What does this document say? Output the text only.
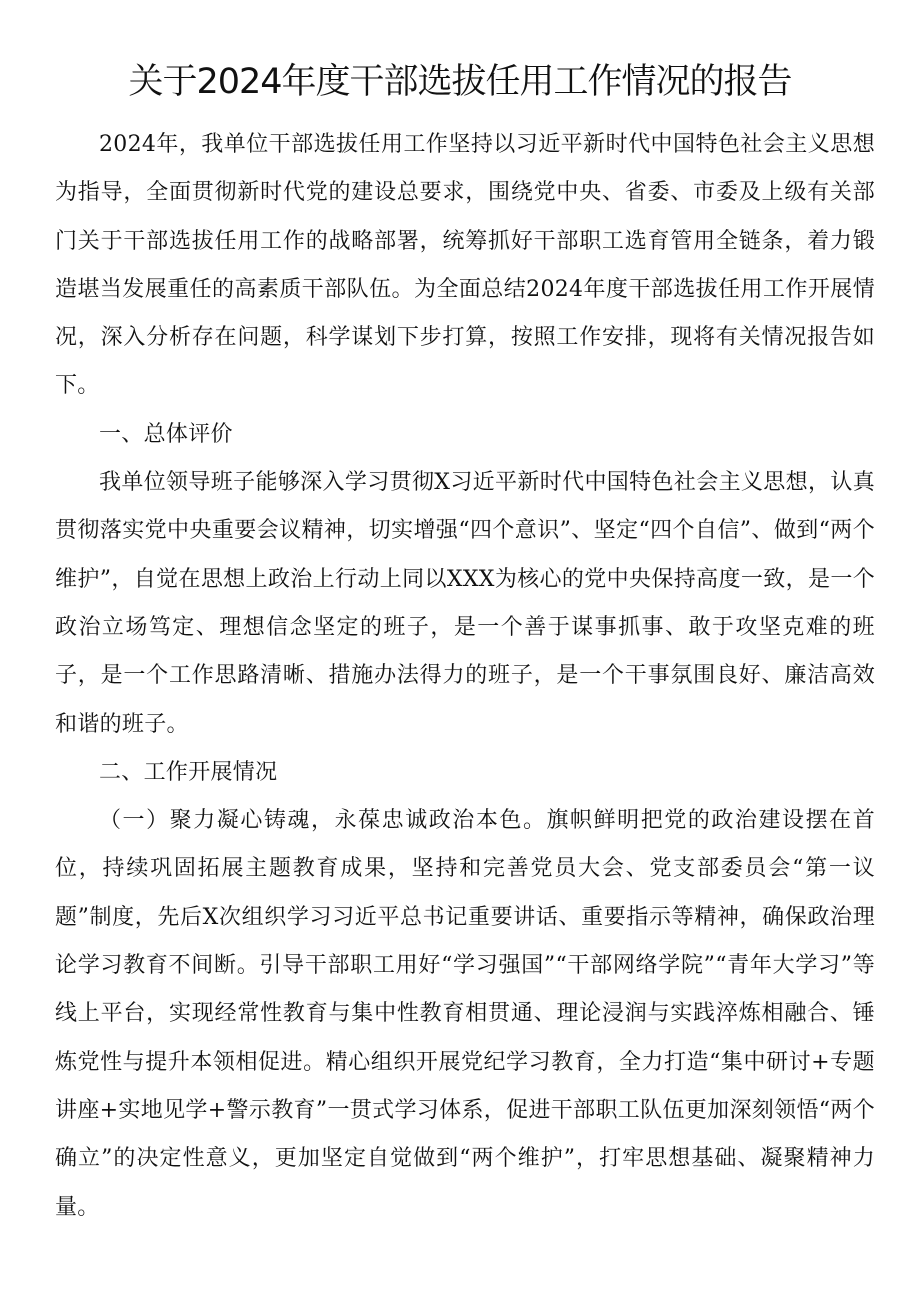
关于2024年度干部选拔任用工作情况的报告

2024年，我单位干部选拔任用工作坚持以习近平新时代中国特色社会主义思想为指导，全面贯彻新时代党的建设总要求，围绕党中央、省委、市委及上级有关部门关于干部选拔任用工作的战略部署，统筹抓好干部职工选育管用全链条，着力锻造堪当发展重任的高素质干部队伍。为全面总结2024年度干部选拔任用工作开展情况，深入分析存在问题，科学谋划下步打算，按照工作安排，现将有关情况报告如下。

一、总体评价

我单位领导班子能够深入学习贯彻X习近平新时代中国特色社会主义思想，认真贯彻落实党中央重要会议精神，切实增强“四个意识”、坚定“四个自信”、做到“两个维护”，自觉在思想上政治上行动上同以XXX为核心的党中央保持高度一致，是一个政治立场笃定、理想信念坚定的班子，是一个善于谋事抓事、敢于攻坚克难的班子，是一个工作思路清晰、措施办法得力的班子，是一个干事氛围良好、廉洁高效和谐的班子。

二、工作开展情况

（一）聚力凝心铸魂，永葆忠诚政治本色。旗帜鲜明把党的政治建设摆在首位，持续巩固拓展主题教育成果，坚持和完善党员大会、党支部委员会“第一议题”制度，先后X次组织学习习近平总书记重要讲话、重要指示等精神，确保政治理论学习教育不间断。引导干部职工用好“学习强国”“干部网络学院”“青年大学习”等线上平台，实现经常性教育与集中性教育相贯通、理论浸润与实践淬炼相融合、锤炼党性与提升本领相促进。精心组织开展党纪学习教育，全力打造“集中研讨+专题讲座+实地见学+警示教育”一贯式学习体系，促进干部职工队伍更加深刻领悟“两个确立”的决定性意义，更加坚定自觉做到“两个维护”，打牢思想基础、凝聚精神力量。
